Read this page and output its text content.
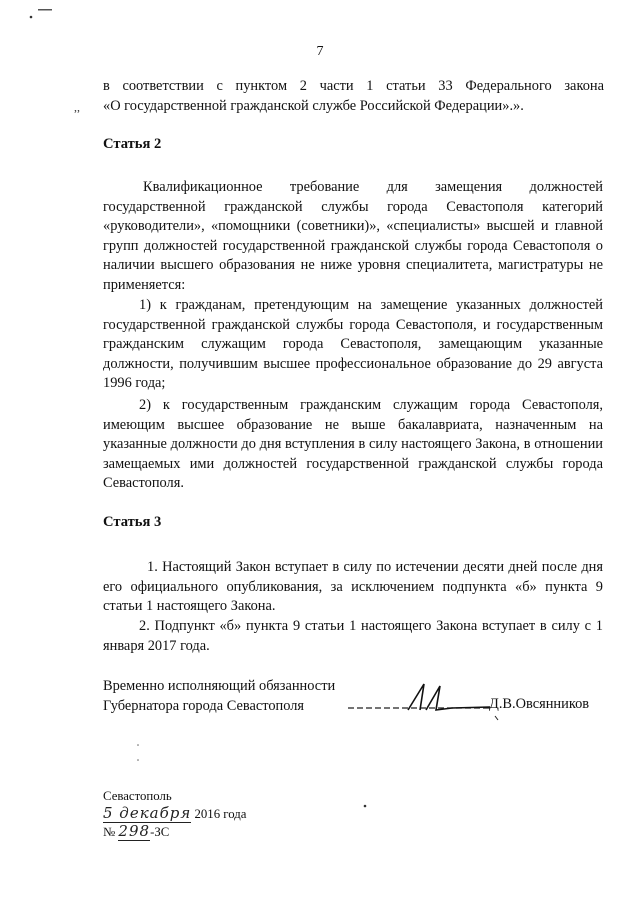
7
в соответствии с пунктом 2 части 1 статьи 33 Федерального закона
«О государственной гражданской службе Российской Федерации».».
,,
Статья 2
Квалификационное требование для замещения должностей государственной гражданской службы города Севастополя категорий «руководители», «помощники (советники)», «специалисты» высшей и главной групп должностей государственной гражданской службы города Севастополя о наличии высшего образования не ниже уровня специалитета, магистратуры не применяется:
1) к гражданам, претендующим на замещение указанных должностей государственной гражданской службы города Севастополя, и государственным гражданским служащим города Севастополя, замещающим указанные должности, получившим высшее профессиональное образование до 29 августа 1996 года;
2) к государственным гражданским служащим города Севастополя, имеющим высшее образование не выше бакалавриата, назначенным на указанные должности до дня вступления в силу настоящего Закона, в отношении замещаемых ими должностей государственной гражданской службы города Севастополя.
Статья 3
1. Настоящий Закон вступает в силу по истечении десяти дней после дня его официального опубликования, за исключением подпункта «б» пункта 9 статьи 1 настоящего Закона.
2. Подпункт «б» пункта 9 статьи 1 настоящего Закона вступает в силу с 1 января 2017 года.
Временно исполняющий обязанности
Губернатора города Севастополя	Д.В.Овсянников
Севастополь
5 декабря 2016 года
№ 298-ЗС
